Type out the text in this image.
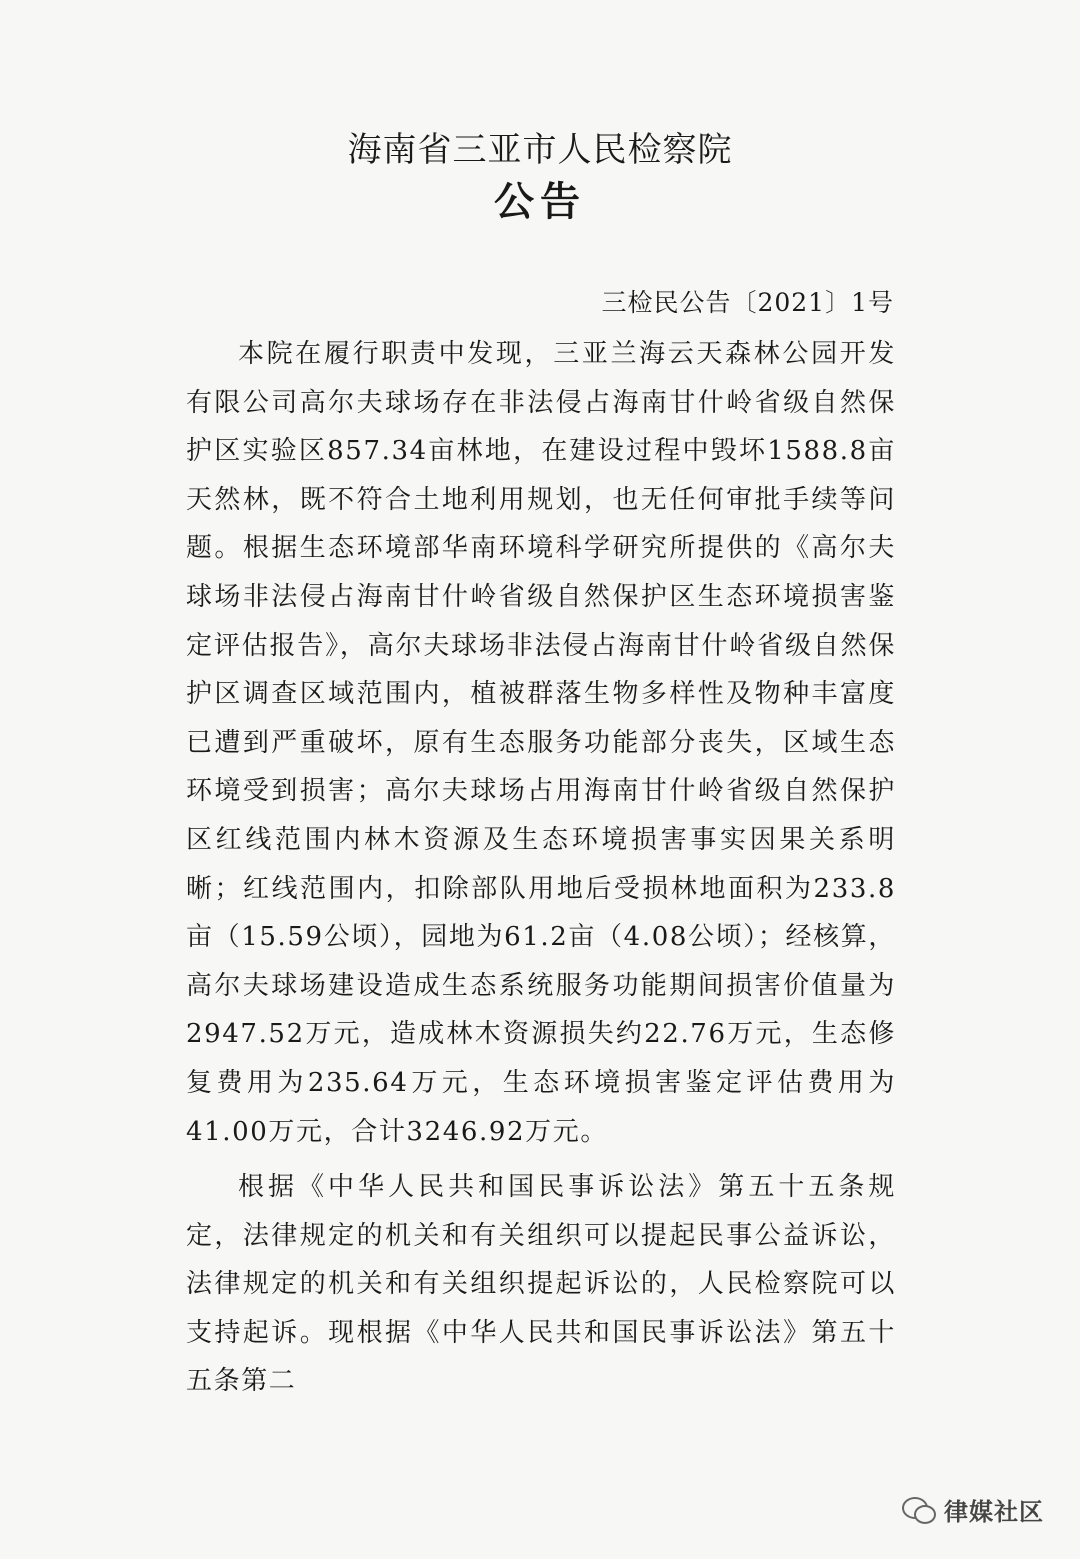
海南省三亚市人民检察院
公告
三检民公告〔2021〕1号

本院在履行职责中发现，三亚兰海云天森林公园开发有限公司高尔夫球场存在非法侵占海南甘什岭省级自然保护区实验区857.34亩林地，在建设过程中毁坏1588.8亩天然林，既不符合土地利用规划，也无任何审批手续等问题。根据生态环境部华南环境科学研究所提供的《高尔夫球场非法侵占海南甘什岭省级自然保护区生态环境损害鉴定评估报告》，高尔夫球场非法侵占海南甘什岭省级自然保护区调查区域范围内，植被群落生物多样性及物种丰富度已遭到严重破坏，原有生态服务功能部分丧失，区域生态环境受到损害；高尔夫球场占用海南甘什岭省级自然保护区红线范围内林木资源及生态环境损害事实因果关系明晰；红线范围内，扣除部队用地后受损林地面积为233.8亩（15.59公顷），园地为61.2亩（4.08公顷）；经核算，高尔夫球场建设造成生态系统服务功能期间损害价值量为2947.52万元，造成林木资源损失约22.76万元，生态修复费用为235.64万元，生态环境损害鉴定评估费用为41.00万元，合计3246.92万元。

根据《中华人民共和国民事诉讼法》第五十五条规定，法律规定的机关和有关组织可以提起民事公益诉讼，法律规定的机关和有关组织提起诉讼的，人民检察院可以支持起诉。现根据《中华人民共和国民事诉讼法》第五十五条第二

律媒社区
